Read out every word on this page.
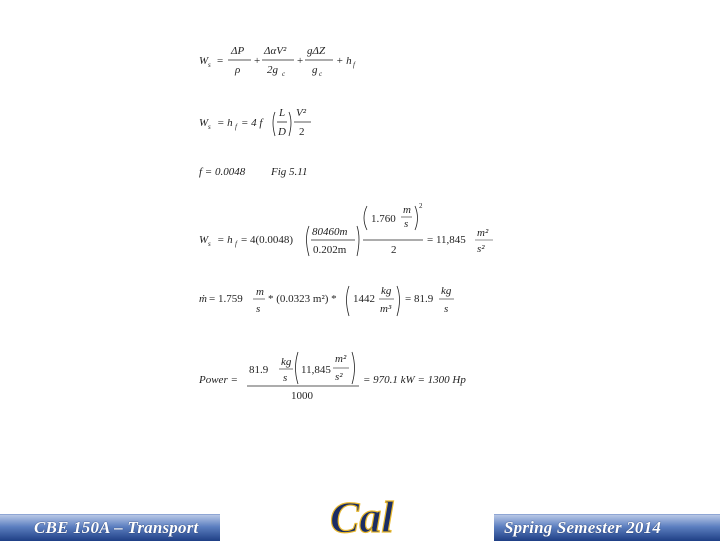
W s =
ΔP
ρ
+
ΔαV²
2g c
+
gΔZ
g c
+ h f
W s = h f = 4 f
L
D
V²
2
f = 0.0048 Fig 5.11
W s = h f = 4(0.0048)
80460m
0.202m
1.760
m
s
2
2
= 11,845
m²
s²
ṁ = 1.759
m
s
* (0.0323 m²) * 1442
kg
m³
= 81.9
kg
s
Power =
81.9
kg
s
11,845
m²
s²
1000
= 970.1 kW = 1300 Hp
CBE 150A – Transport	Cal	Spring Semester 2014
